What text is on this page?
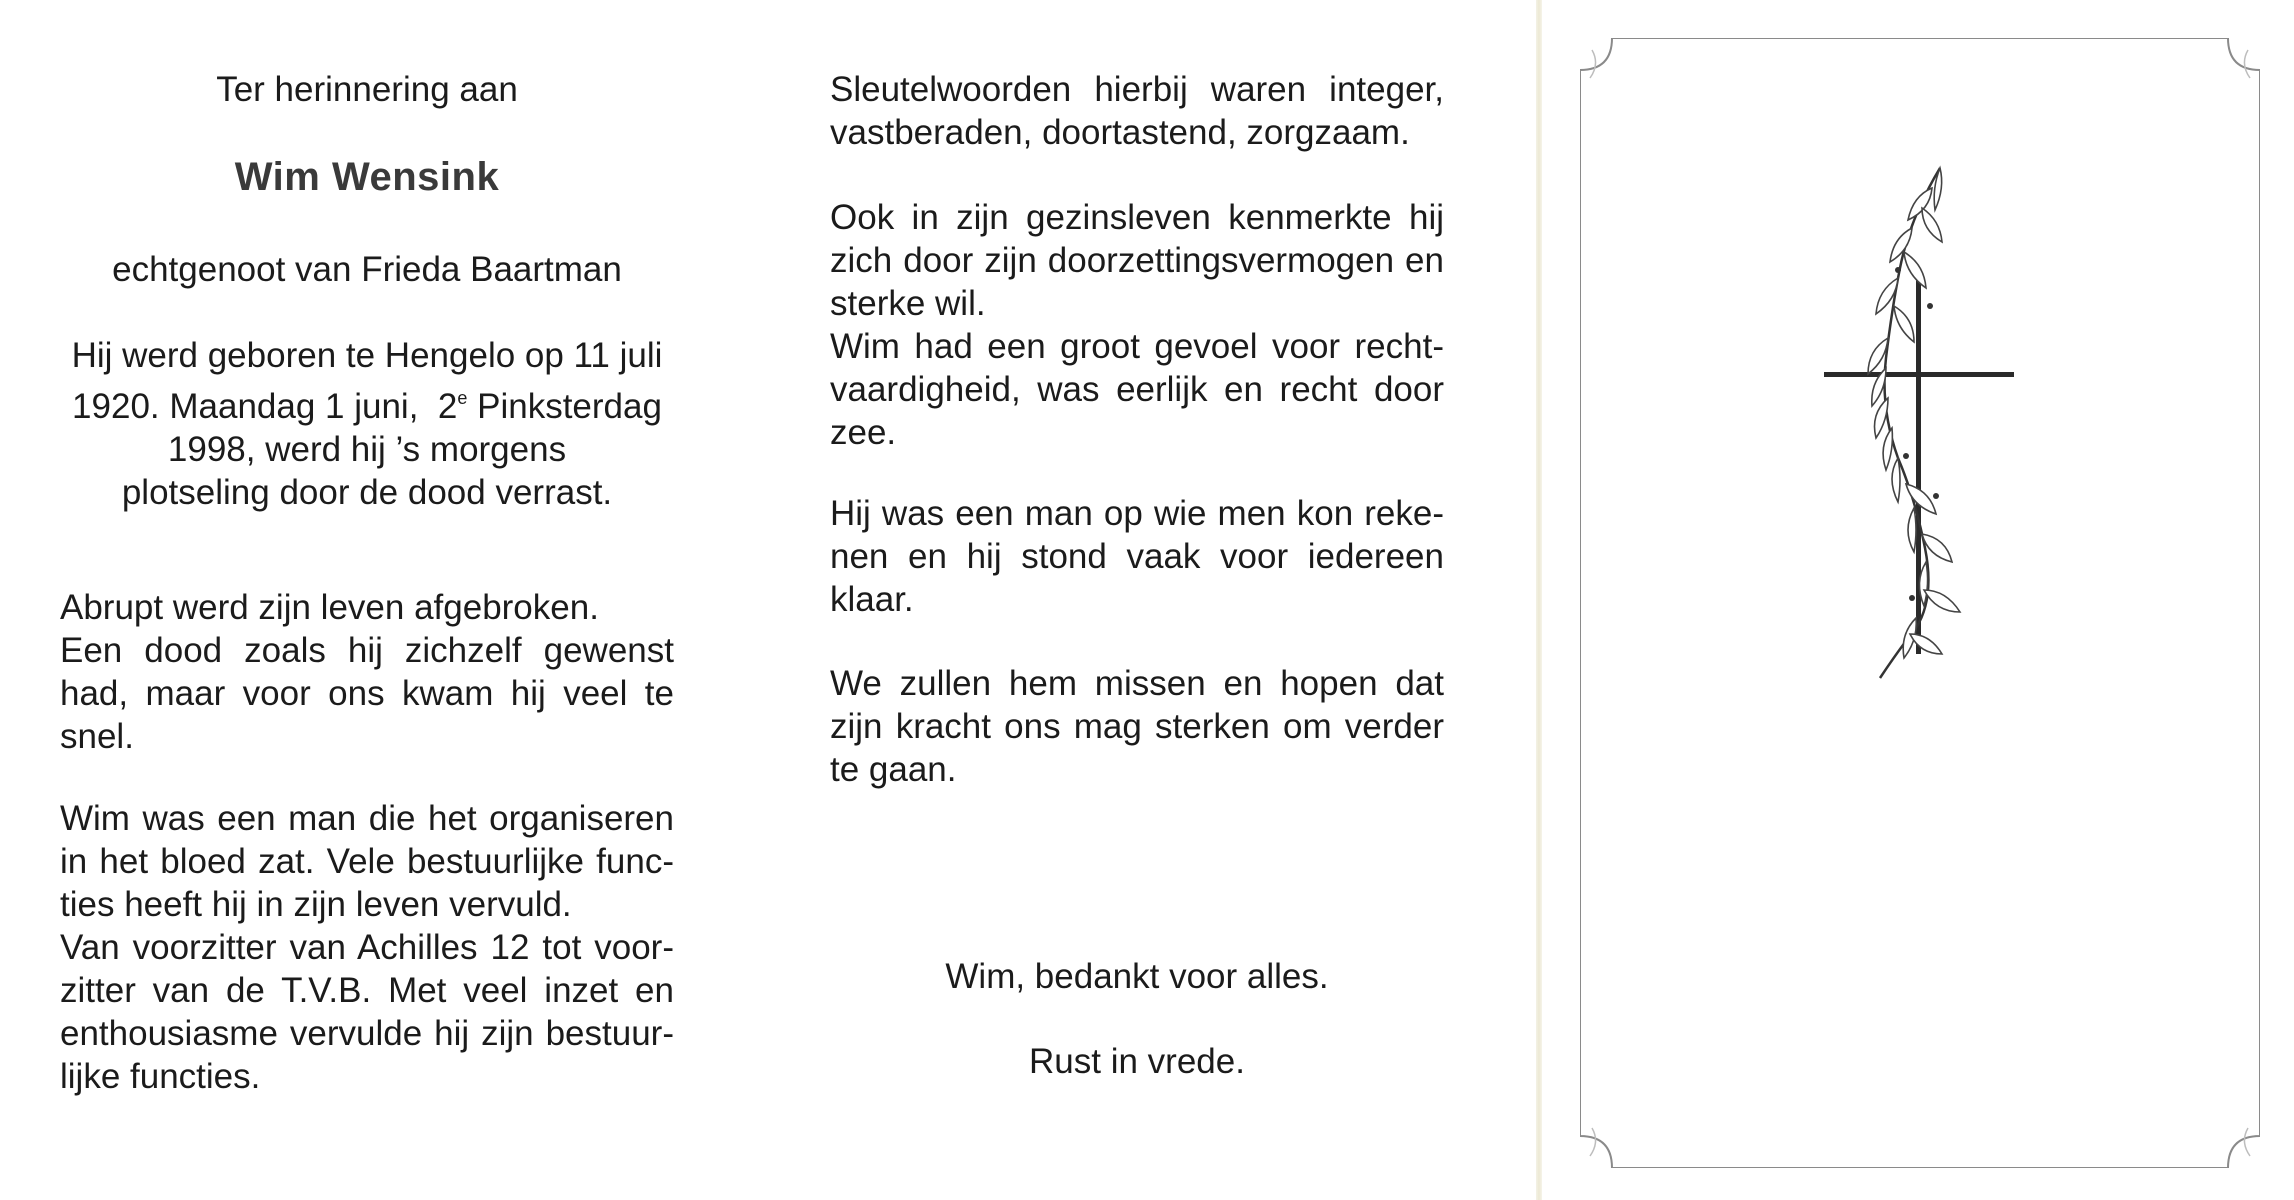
Ter herinnering aan
Wim Wensink
echtgenoot van Frieda Baartman
Hij werd geboren te Hengelo op 11 juli
1920. Maandag 1 juni, 2e Pinksterdag
1998, werd hij ’s morgens
plotseling door de dood verrast.
Abrupt werd zijn leven afgebroken.
Een dood zoals hij zichzelf gewenst
had, maar voor ons kwam hij veel te
snel.
Wim was een man die het organiseren
in het bloed zat. Vele bestuurlijke func-
ties heeft hij in zijn leven vervuld.
Van voorzitter van Achilles 12 tot voor-
zitter van de T.V.B. Met veel inzet en
enthousiasme vervulde hij zijn bestuur-
lijke functies.
Sleutelwoorden hierbij waren integer,
vastberaden, doortastend, zorgzaam.
Ook in zijn gezinsleven kenmerkte hij
zich door zijn doorzettingsvermogen en
sterke wil.
Wim had een groot gevoel voor recht-
vaardigheid, was eerlijk en recht door
zee.
Hij was een man op wie men kon reke-
nen en hij stond vaak voor iedereen
klaar.
We zullen hem missen en hopen dat
zijn kracht ons mag sterken om verder
te gaan.
Wim, bedankt voor alles.
Rust in vrede.
